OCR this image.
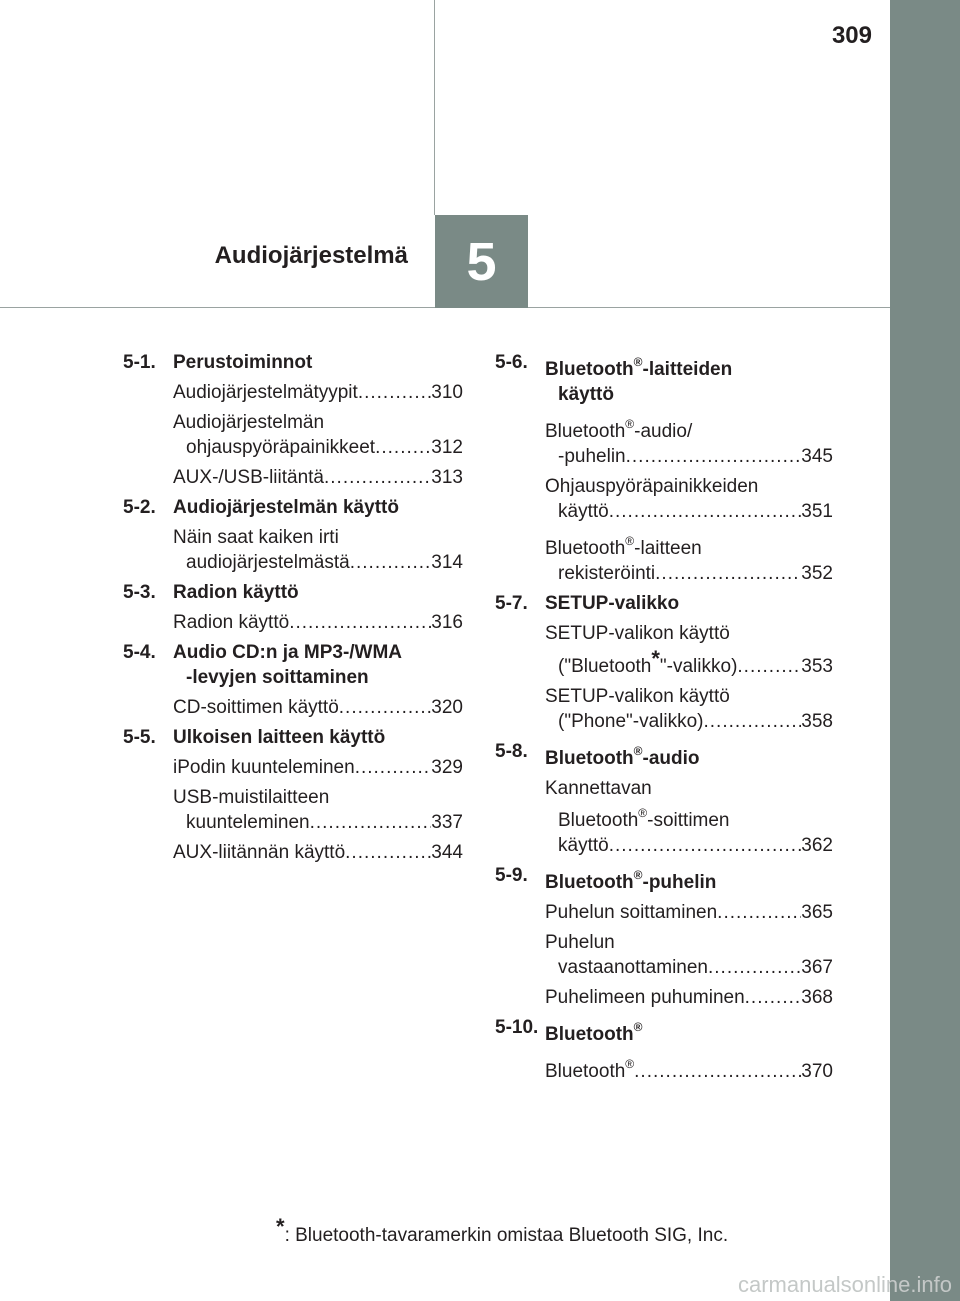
309
Audiojärjestelmä	5
5-1. Perustoiminnot
Audiojärjestelmätyypit .....	310
Audiojärjestelmän
ohjauspyöräpainikkeet .....	312
AUX-/USB-liitäntä .....	313
5-2. Audiojärjestelmän käyttö
Näin saat kaiken irti
audiojärjestelmästä .....	314
5-3. Radion käyttö
Radion käyttö .....	316
5-4. Audio CD:n ja MP3-/WMA
-levyjen soittaminen
CD-soittimen käyttö .....	320
5-5. Ulkoisen laitteen käyttö
iPodin kuunteleminen .....	329
USB-muistilaitteen
kuunteleminen .....	337
AUX-liitännän käyttö .....	344
5-6. Bluetooth®-laitteiden
käyttö
Bluetooth®-audio/
-puhelin .....	345
Ohjauspyöräpainikkeiden
käyttö .....	351
Bluetooth®-laitteen
rekisteröinti .....	352
5-7. SETUP-valikko
SETUP-valikon käyttö
("Bluetooth*"-valikko) .....	353
SETUP-valikon käyttö
("Phone"-valikko) .....	358
5-8. Bluetooth®-audio
Kannettavan
Bluetooth®-soittimen
käyttö .....	362
5-9. Bluetooth®-puhelin
Puhelun soittaminen .....	365
Puhelun
vastaanottaminen .....	367
Puhelimeen puhuminen .....	368
5-10. Bluetooth®
Bluetooth® .....	370
*: Bluetooth-tavaramerkin omistaa Bluetooth SIG, Inc.
carmanualsonline.info
